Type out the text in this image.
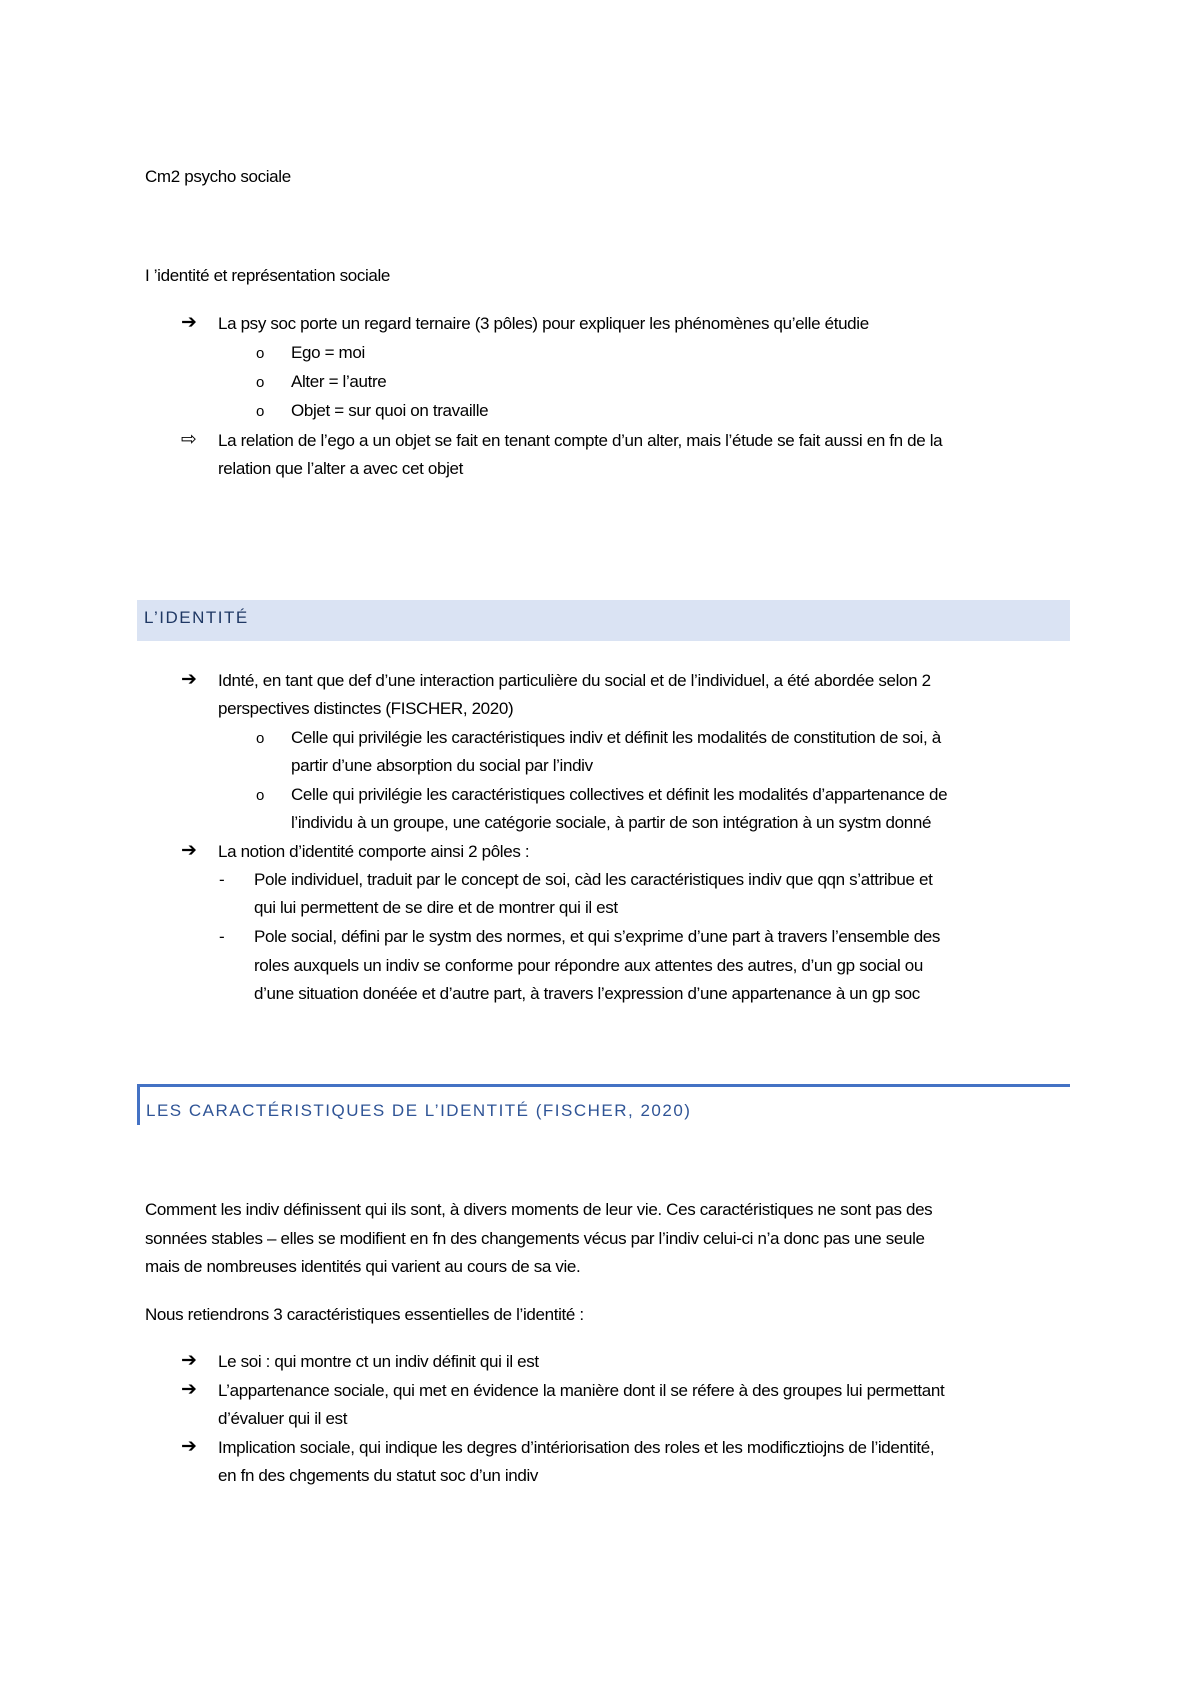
Cm2 psycho sociale
I ’identité et représentation sociale
➔ La psy soc porte un regard ternaire (3 pôles) pour expliquer les phénomènes qu’elle étudie
o Ego = moi
o Alter = l’autre
o Objet = sur quoi on travaille
⇨ La relation de l’ego a un objet se fait en tenant compte d’un alter, mais l’étude se fait aussi en fn de la
relation que l’alter a avec cet objet
L’IDENTITÉ
➔ Idnté, en tant que def d’une interaction particulière du social et de l’individuel, a été abordée selon 2
perspectives distinctes (FISCHER, 2020)
o Celle qui privilégie les caractéristiques indiv et définit les modalités de constitution de soi, à
partir d’une absorption du social par l’indiv
o Celle qui privilégie les caractéristiques collectives et définit les modalités d’appartenance de
l’individu à un groupe, une catégorie sociale, à partir de son intégration à un systm donné
➔ La notion d’identité comporte ainsi 2 pôles :
- Pole individuel, traduit par le concept de soi, càd les caractéristiques indiv que qqn s’attribue et
qui lui permettent de se dire et de montrer qui il est
- Pole social, défini par le systm des normes, et qui s’exprime d’une part à travers l’ensemble des
roles auxquels un indiv se conforme pour répondre aux attentes des autres, d’un gp social ou
d’une situation donéée et d’autre part, à travers l’expression d’une appartenance à un gp soc
LES CARACTÉRISTIQUES DE L’IDENTITÉ (FISCHER, 2020)
Comment les indiv définissent qui ils sont, à divers moments de leur vie. Ces caractéristiques ne sont pas des
sonnées stables – elles se modifient en fn des changements vécus par l’indiv celui-ci n’a donc pas une seule
mais de nombreuses identités qui varient au cours de sa vie.
Nous retiendrons 3 caractéristiques essentielles de l’identité :
➔ Le soi : qui montre ct un indiv définit qui il est
➔ L’appartenance sociale, qui met en évidence la manière dont il se réfere à des groupes lui permettant
d’évaluer qui il est
➔ Implication sociale, qui indique les degres d’intériorisation des roles et les modificztiojns de l’identité,
en fn des chgements du statut soc d’un indiv
